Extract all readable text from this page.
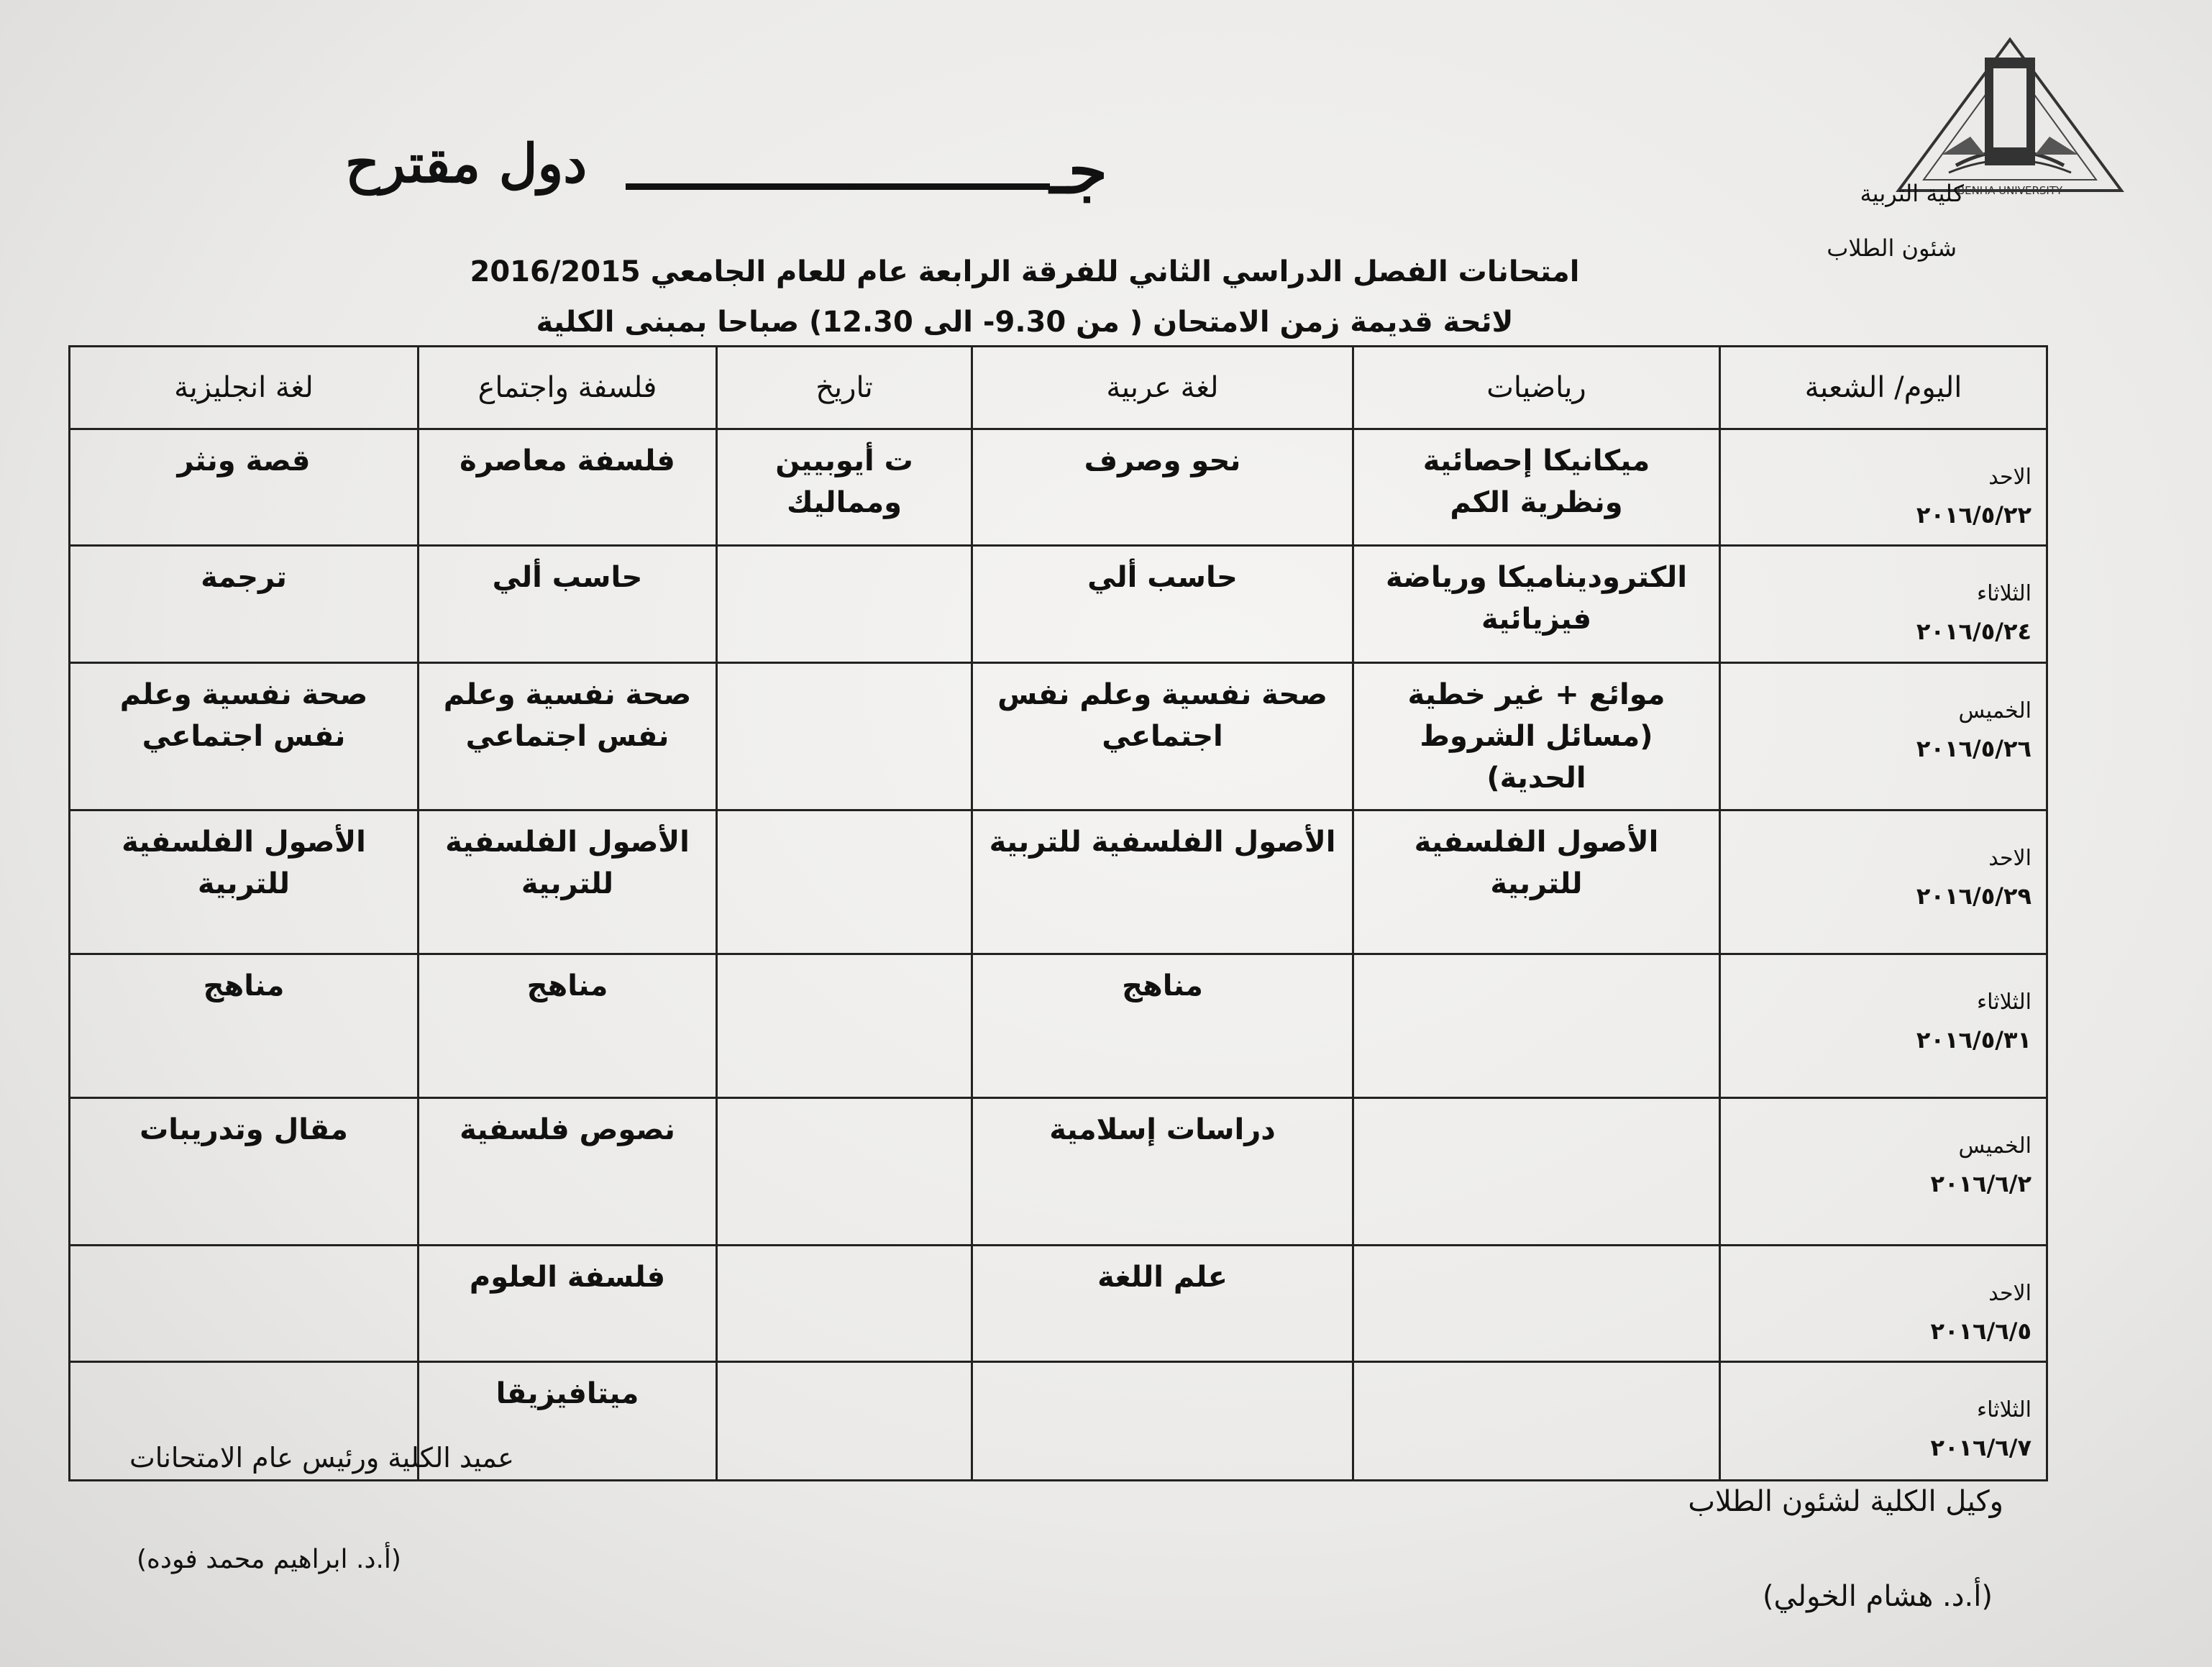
BENHA UNIVERSITY
جـ
دول مقترح	كلية التربية
شئون الطلاب
امتحانات الفصل الدراسي الثاني للفرقة الرابعة عام للعام الجامعي 2016/2015
لائحة قديمة زمن الامتحان ( من 9.30- الى 12.30) صباحا بمبنى الكلية
اليوم/ الشعبة	رياضيات	لغة عربية	تاريخ	فلسفة واجتماع	لغة انجليزية
الاحد
٢٠١٦/٥/٢٢	ميكانيكا إحصائية ونظرية الكم	نحو وصرف	ت أيوبيين ومماليك	فلسفة معاصرة	قصة ونثر
الثلاثاء
٢٠١٦/٥/٢٤	الكترودیناميكا ورياضة فيزيائية	حاسب ألي		حاسب ألي	ترجمة
الخميس
٢٠١٦/٥/٢٦	موائع + غير خطية (مسائل الشروط الحدية)	صحة نفسية وعلم نفس اجتماعي		صحة نفسية وعلم نفس اجتماعي	صحة نفسية وعلم نفس اجتماعي
الاحد
٢٠١٦/٥/٢٩	الأصول الفلسفية للتربية	الأصول الفلسفية للتربية		الأصول الفلسفية للتربية	الأصول الفلسفية للتربية
الثلاثاء
٢٠١٦/٥/٣١		مناهج		مناهج	مناهج
الخميس
٢٠١٦/٦/٢		دراسات إسلامية		نصوص فلسفية	مقال وتدريبات
الاحد
٢٠١٦/٦/٥		علم اللغة		فلسفة العلوم	
الثلاثاء
٢٠١٦/٦/٧				ميتافيزيقا	
عميد الكلية ورئيس عام الامتحانات
(أ.د. ابراهيم محمد فوده)
وكيل الكلية لشئون الطلاب
(أ.د. هشام الخولي)
